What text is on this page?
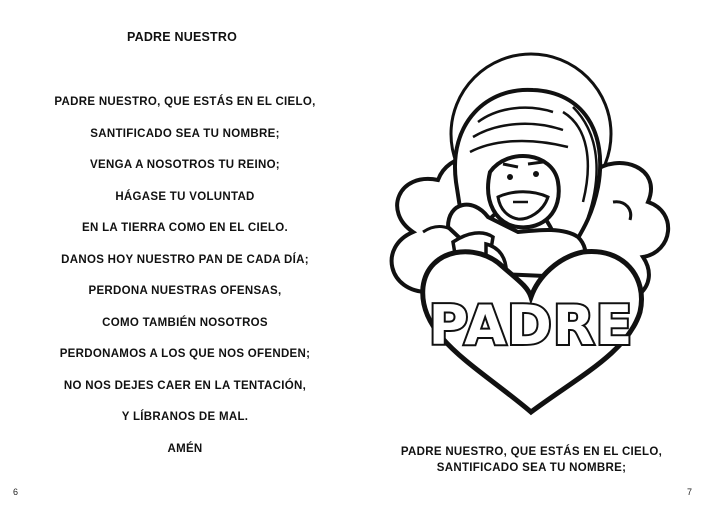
PADRE NUESTRO
PADRE NUESTRO, QUE ESTÁS EN EL CIELO,
SANTIFICADO SEA TU NOMBRE;
VENGA A NOSOTROS TU REINO;
HÁGASE TU VOLUNTAD
EN LA TIERRA COMO EN EL CIELO.
DANOS HOY NUESTRO PAN DE CADA DÍA;
PERDONA NUESTRAS OFENSAS,
COMO TAMBIÉN NOSOTROS
PERDONAMOS A LOS QUE NOS OFENDEN;
NO NOS DEJES CAER EN LA TENTACIÓN,
Y LÍBRANOS DE MAL.
AMÉN
6
PADRE
PADRE NUESTRO, QUE ESTÁS EN EL CIELO,
SANTIFICADO SEA TU NOMBRE;
7
